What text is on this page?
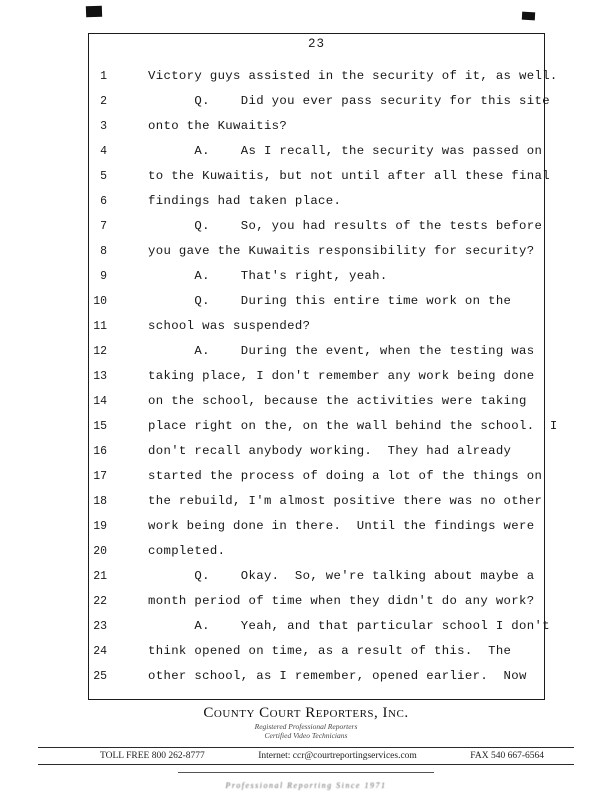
23
1	Victory guys assisted in the security of it, as well.
2	Q.    Did you ever pass security for this site
3	onto the Kuwaitis?
4	A.    As I recall, the security was passed on
5	to the Kuwaitis, but not until after all these final
6	findings had taken place.
7	Q.    So, you had results of the tests before
8	you gave the Kuwaitis responsibility for security?
9	A.    That's right, yeah.
10	Q.    During this entire time work on the
11	school was suspended?
12	A.    During the event, when the testing was
13	taking place, I don't remember any work being done
14	on the school, because the activities were taking
15	place right on the, on the wall behind the school.  I
16	don't recall anybody working.  They had already
17	started the process of doing a lot of the things on
18	the rebuild, I'm almost positive there was no other
19	work being done in there.  Until the findings were
20	completed.
21	Q.    Okay.  So, we're talking about maybe a
22	month period of time when they didn't do any work?
23	A.    Yeah, and that particular school I don't
24	think opened on time, as a result of this.  The
25	other school, as I remember, opened earlier.  Now
County Court Reporters, Inc.
Registered Professional Reporters
Certified Video Technicians
TOLL FREE 800 262-8777	Internet: ccr@courtreportingservices.com	FAX 540 667-6564
Professional Reporting Since 1971
